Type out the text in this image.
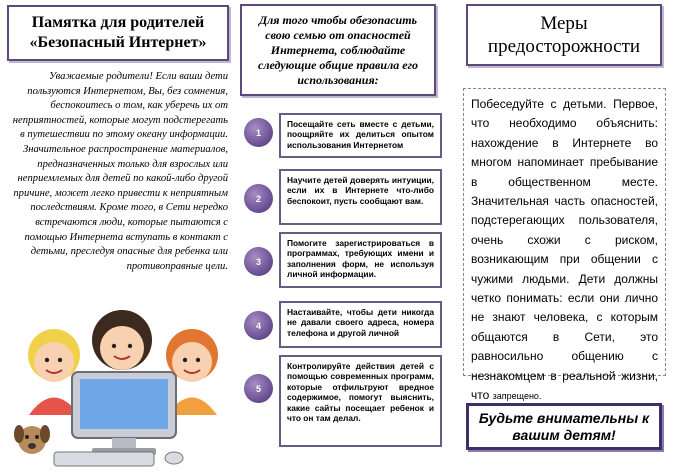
Памятка для родителей «Безопасный Интернет»
Уважаемые родители! Если ваши дети пользуются Интернетом, Вы, без сомнения, беспокоитесь о том, как уберечь их от неприятностей, которые могут подстерегать в путешествии по этому океану информации. Значительное распространение материалов, предназначенных только для взрослых или неприемлемых для детей по какой-либо другой причине, может легко привести к неприятным последствиям. Кроме того, в Сети нередко встречаются люди, которые пытаются с помощью Интернета вступать в контакт с детьми, преследуя опасные для ребенка или противоправные цели.
Для того чтобы обезопасить свою семью от опасностей Интернета, соблюдайте следующие общие правила его использования:
1
Посещайте сеть вместе с детьми, поощряйте их делиться опытом использования Интернетом
2
Научите детей доверять интуиции, если их в Интернете что-либо беспокоит, пусть сообщают вам.
3
Помогите зарегистрироваться в программах, требующих имени и заполнения форм, не используя личной информации.
4
Настаивайте, чтобы дети никогда не давали своего адреса, номера телефона и другой личной
5
Контролируйте действия детей с помощью современных программ, которые отфильтруют вредное содержимое, помогут выяснить, какие сайты посещает ребенок и что он там делал.
Меры предосторожности
Побеседуйте с детьми. Первое, что необходимо объяснить: нахождение в Интернете во многом напоминает пребывание в общественном месте. Значительная часть опасностей, подстерегающих пользователя, очень схожи с риском, возникающим при общении с чужими людьми. Дети должны четко понимать: если они лично не знают человека, с которым общаются в Сети, это равносильно общению с незнакомцем в реальной жизни, что запрещено.
Будьте внимательны к вашим детям!
